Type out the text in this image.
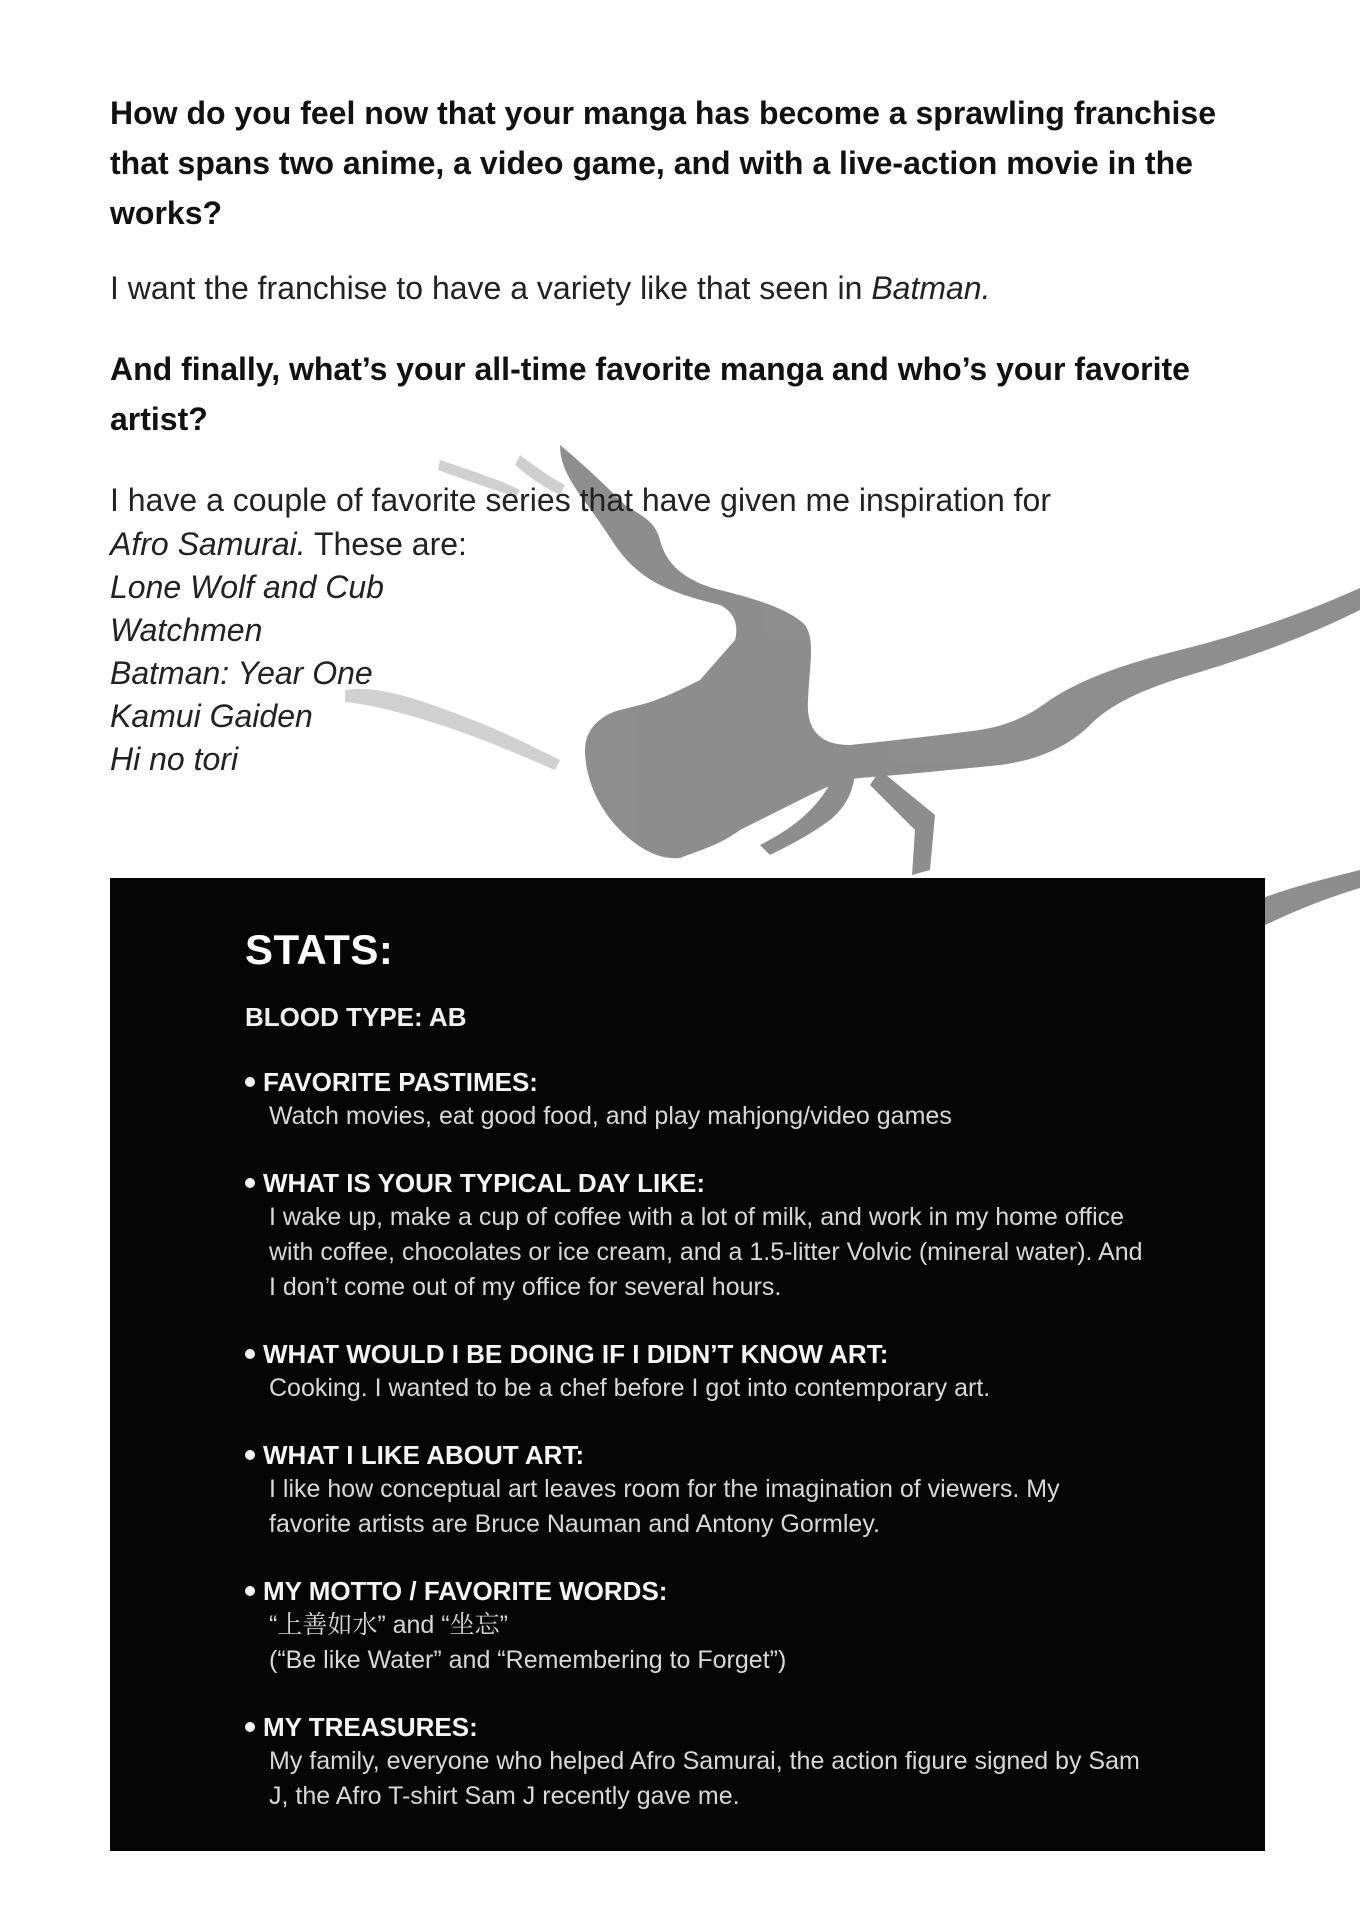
How do you feel now that your manga has become a sprawling franchise that spans two anime, a video game, and with a live-action movie in the works?

I want the franchise to have a variety like that seen in Batman.

And finally, what’s your all-time favorite manga and who’s your favorite artist?

I have a couple of favorite series that have given me inspiration for

Afro Samurai. These are:

Lone Wolf and Cub
Watchmen
Batman: Year One
Kamui Gaiden
Hi no tori
STATS:
BLOOD TYPE: AB
FAVORITE PASTIMES:
Watch movies, eat good food, and play mahjong/video games
WHAT IS YOUR TYPICAL DAY LIKE:
I wake up, make a cup of coffee with a lot of milk, and work in my home office with coffee, chocolates or ice cream, and a 1.5-litter Volvic (mineral water). And I don’t come out of my office for several hours.
WHAT WOULD I BE DOING IF I DIDN’T KNOW ART:
Cooking. I wanted to be a chef before I got into contemporary art.
WHAT I LIKE ABOUT ART:
I like how conceptual art leaves room for the imagination of viewers. My favorite artists are Bruce Nauman and Antony Gormley.
MY MOTTO / FAVORITE WORDS:
“上善如水” and “坐忘”
(“Be like Water” and “Remembering to Forget”)
MY TREASURES:
My family, everyone who helped Afro Samurai, the action figure signed by Sam J, the Afro T-shirt Sam J recently gave me.
